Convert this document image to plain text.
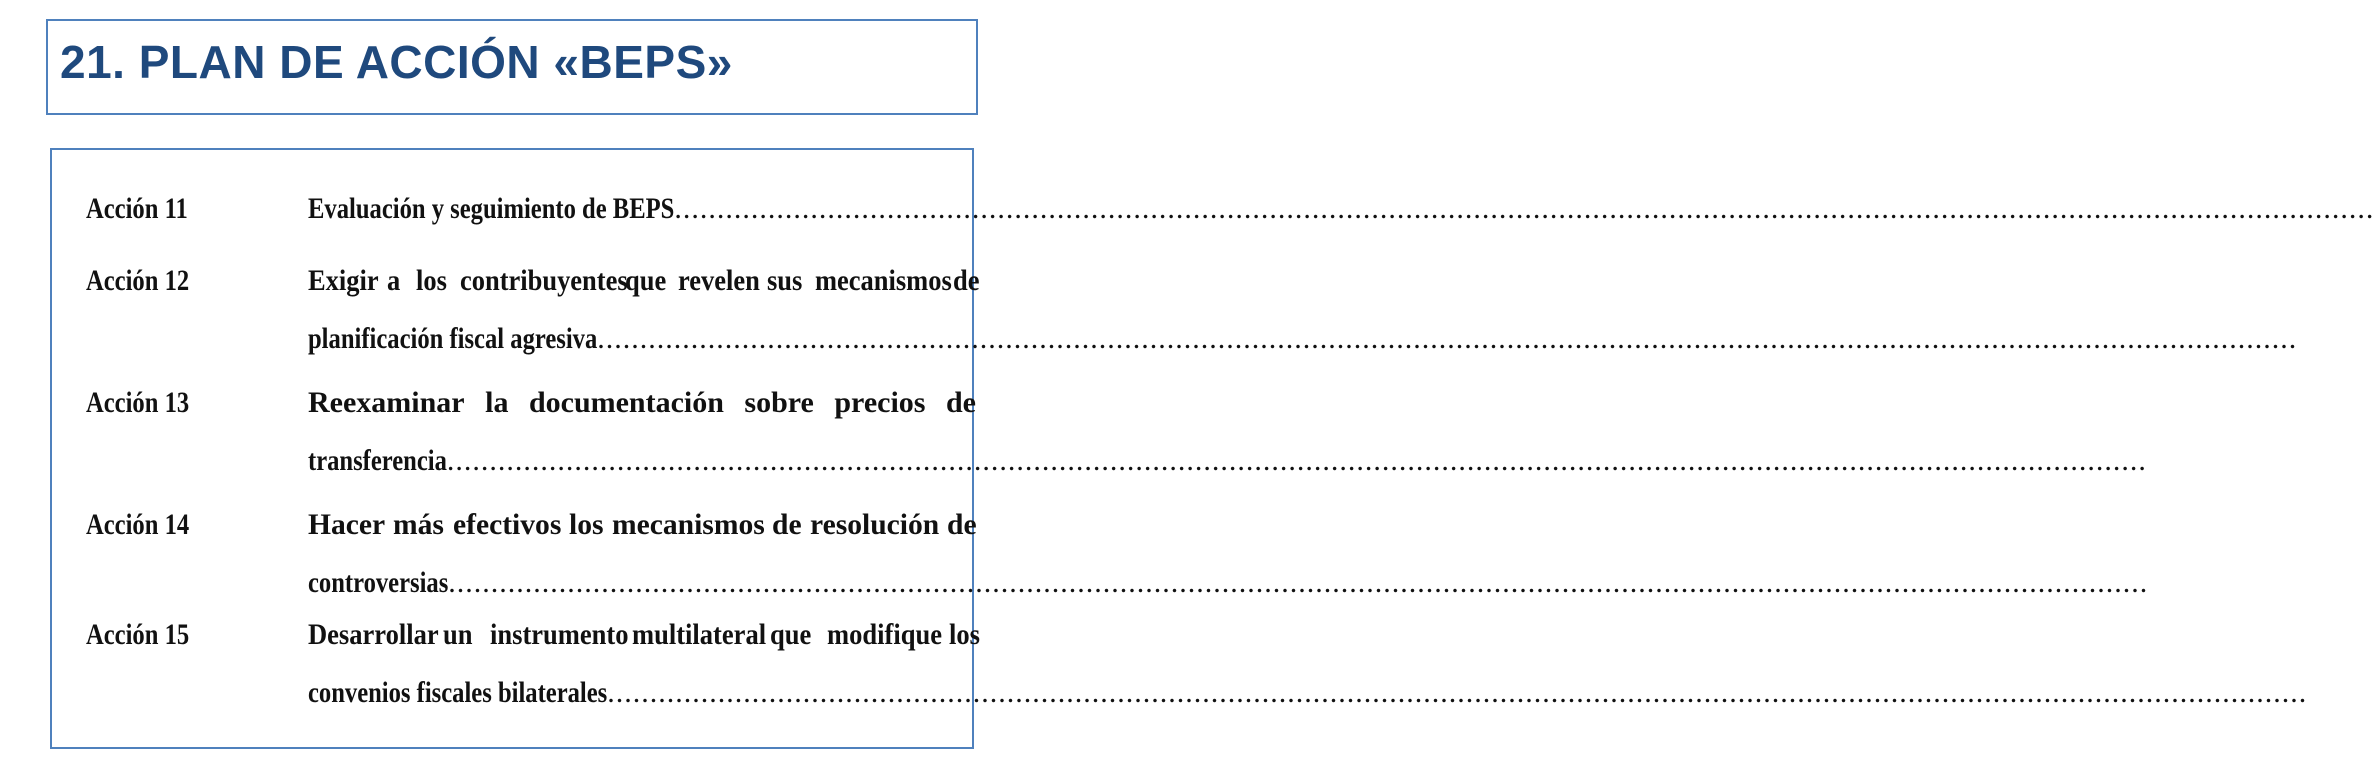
21. PLAN DE ACCIÓN «BEPS»
Acción 11	Evaluación y seguimiento de BEPS ........................................................................................................................................................................................................
Acción 12	Exigir a los contribuyentes
que revelen sus mecanismos de
planificación fiscal agresiva ........................................................................................................................................................................................................
Acción 13	Reexaminar la documentación sobre precios de
transferencia ........................................................................................................................................................................................................
Acción 14	Hacer más efectivos los mecanismos de resolución de
controversias ........................................................................................................................................................................................................
Acción 15	Desarrollar un instrumento multilateral que modifique los
convenios fiscales bilaterales ........................................................................................................................................................................................................
